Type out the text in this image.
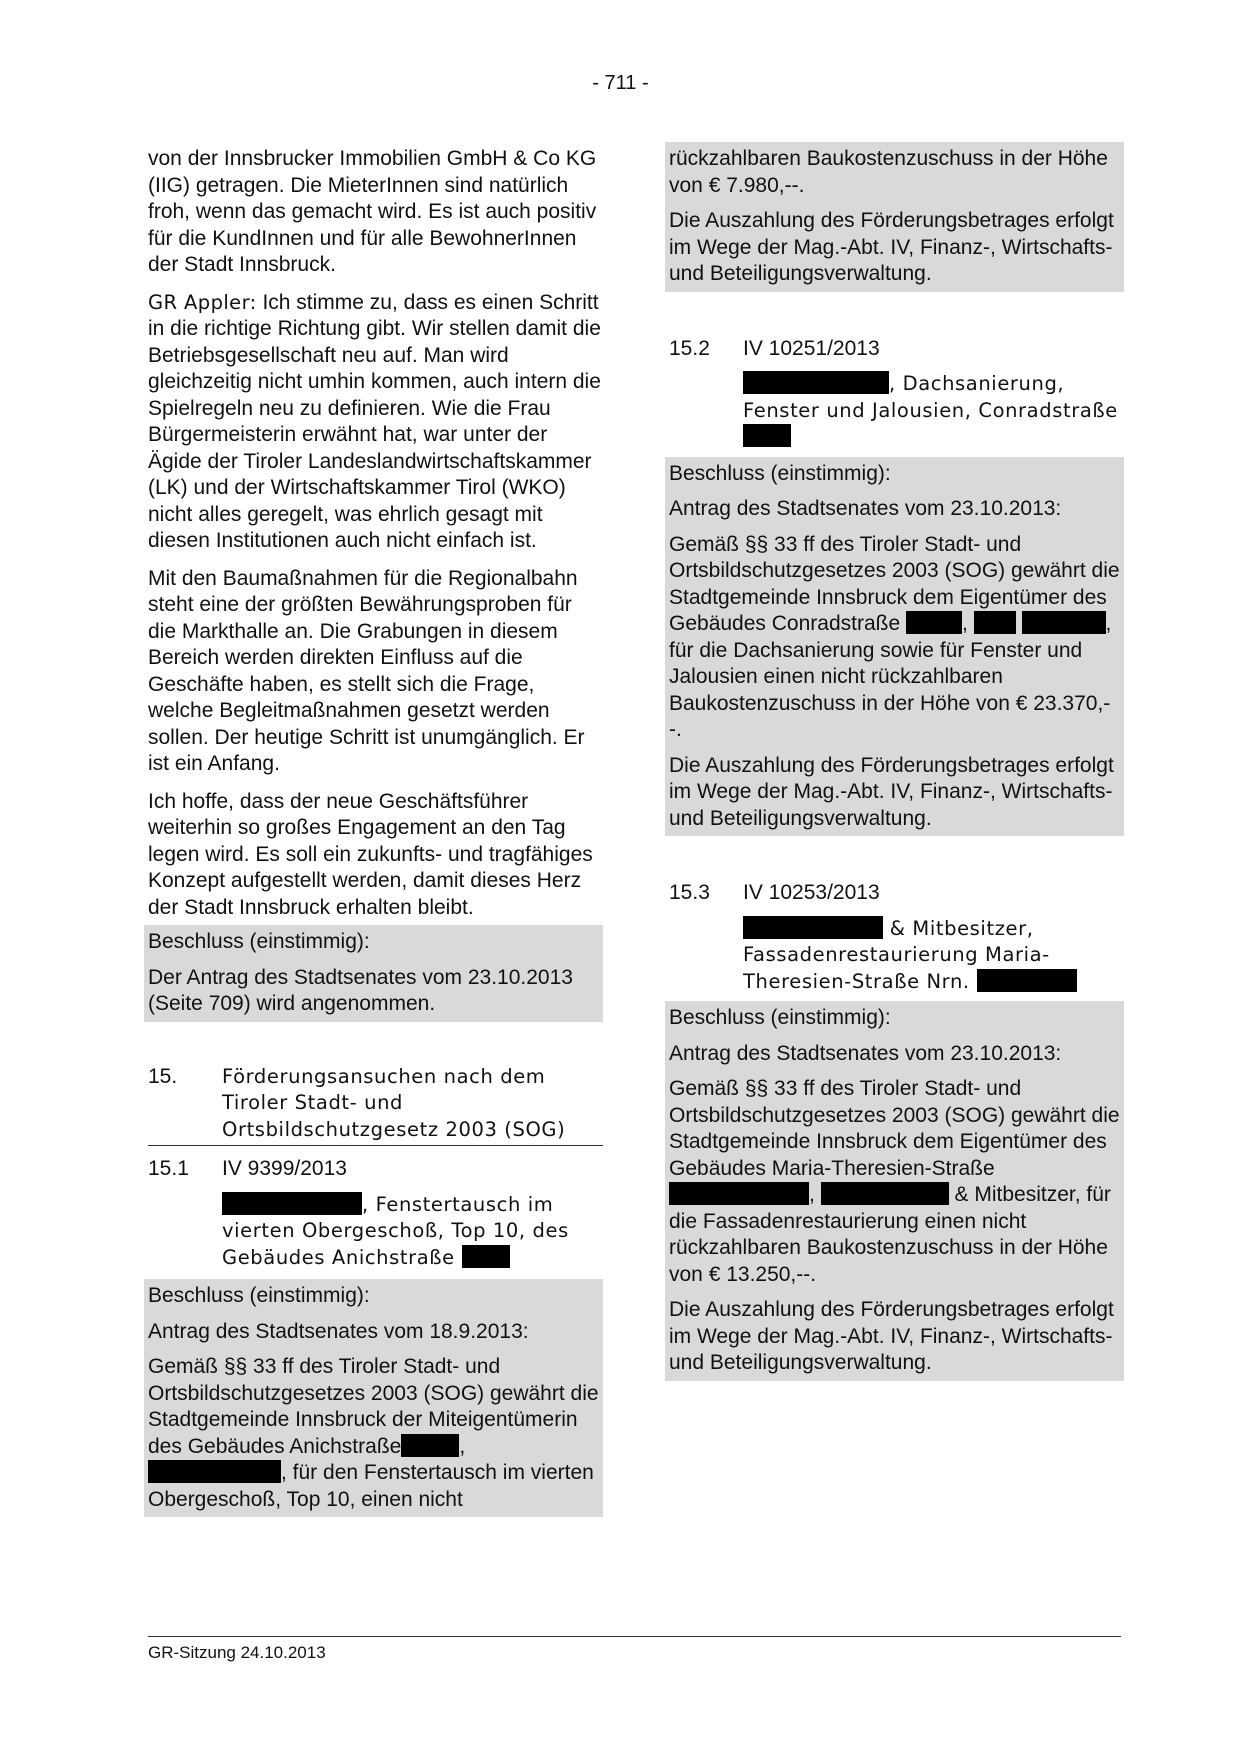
- 711 -

von der Innsbrucker Immobilien GmbH & Co KG (IIG) getragen. Die MieterInnen sind natürlich froh, wenn das gemacht wird. Es ist auch positiv für die KundInnen und für alle BewohnerInnen der Stadt Innsbruck.

GR Appler: Ich stimme zu, dass es einen Schritt in die richtige Richtung gibt. Wir stellen damit die Betriebsgesellschaft neu auf. Man wird gleichzeitig nicht umhin kommen, auch intern die Spielregeln neu zu definieren. Wie die Frau Bürgermeisterin erwähnt hat, war unter der Ägide der Tiroler Landeslandwirtschaftskammer (LK) und der Wirtschaftskammer Tirol (WKO) nicht alles geregelt, was ehrlich gesagt mit diesen Institutionen auch nicht einfach ist.

Mit den Baumaßnahmen für die Regionalbahn steht eine der größten Bewährungsproben für die Markthalle an. Die Grabungen in diesem Bereich werden direkten Einfluss auf die Geschäfte haben, es stellt sich die Frage, welche Begleitmaßnahmen gesetzt werden sollen. Der heutige Schritt ist unumgänglich. Er ist ein Anfang.

Ich hoffe, dass der neue Geschäftsführer weiterhin so großes Engagement an den Tag legen wird. Es soll ein zukunfts- und tragfähiges Konzept aufgestellt werden, damit dieses Herz der Stadt Innsbruck erhalten bleibt.

Beschluss (einstimmig):

Der Antrag des Stadtsenates vom 23.10.2013 (Seite 709) wird angenommen.

15.	Förderungsansuchen nach dem Tiroler Stadt- und Ortsbildschutzgesetz 2003 (SOG)
15.1	IV 9399/2013

, Fenstertausch im vierten Obergeschoß, Top 10, des Gebäudes Anichstraße

Beschluss (einstimmig):

Antrag des Stadtsenates vom 18.9.2013:

Gemäß §§ 33 ff des Tiroler Stadt- und Ortsbildschutzgesetzes 2003 (SOG) gewährt die Stadtgemeinde Innsbruck der Miteigentümerin des Gebäudes Anichstraße	, , für den Fenstertausch im vierten Obergeschoß, Top 10, einen nicht

rückzahlbaren Baukostenzuschuss in der Höhe von € 7.980,--.

Die Auszahlung des Förderungsbetrages erfolgt im Wege der Mag.-Abt. IV, Finanz-, Wirtschafts- und Beteiligungsverwaltung.

15.2	IV 10251/2013

, Dachsanierung, Fenster und Jalousien, Conradstraße

Beschluss (einstimmig):

Antrag des Stadtsenates vom 23.10.2013:

Gemäß §§ 33 ff des Tiroler Stadt- und Ortsbildschutzgesetzes 2003 (SOG) gewährt die Stadtgemeinde Innsbruck dem Eigentümer des Gebäudes Conradstraße	,	, für die Dachsanierung sowie für Fenster und Jalousien einen nicht rückzahlbaren Baukostenzuschuss in der Höhe von € 23.370,--.

Die Auszahlung des Förderungsbetrages erfolgt im Wege der Mag.-Abt. IV, Finanz-, Wirtschafts- und Beteiligungsverwaltung.

15.3	IV 10253/2013

& Mitbesitzer, Fassadenrestaurierung Maria-Theresien-Straße Nrn.

Beschluss (einstimmig):

Antrag des Stadtsenates vom 23.10.2013:

Gemäß §§ 33 ff des Tiroler Stadt- und Ortsbildschutzgesetzes 2003 (SOG) gewährt die Stadtgemeinde Innsbruck dem Eigentümer des Gebäudes Maria-Theresien-Straße ,	& Mitbesitzer, für die Fassadenrestaurierung einen nicht rückzahlbaren Baukostenzuschuss in der Höhe von € 13.250,--.

Die Auszahlung des Förderungsbetrages erfolgt im Wege der Mag.-Abt. IV, Finanz-, Wirtschafts- und Beteiligungsverwaltung.

GR-Sitzung 24.10.2013
